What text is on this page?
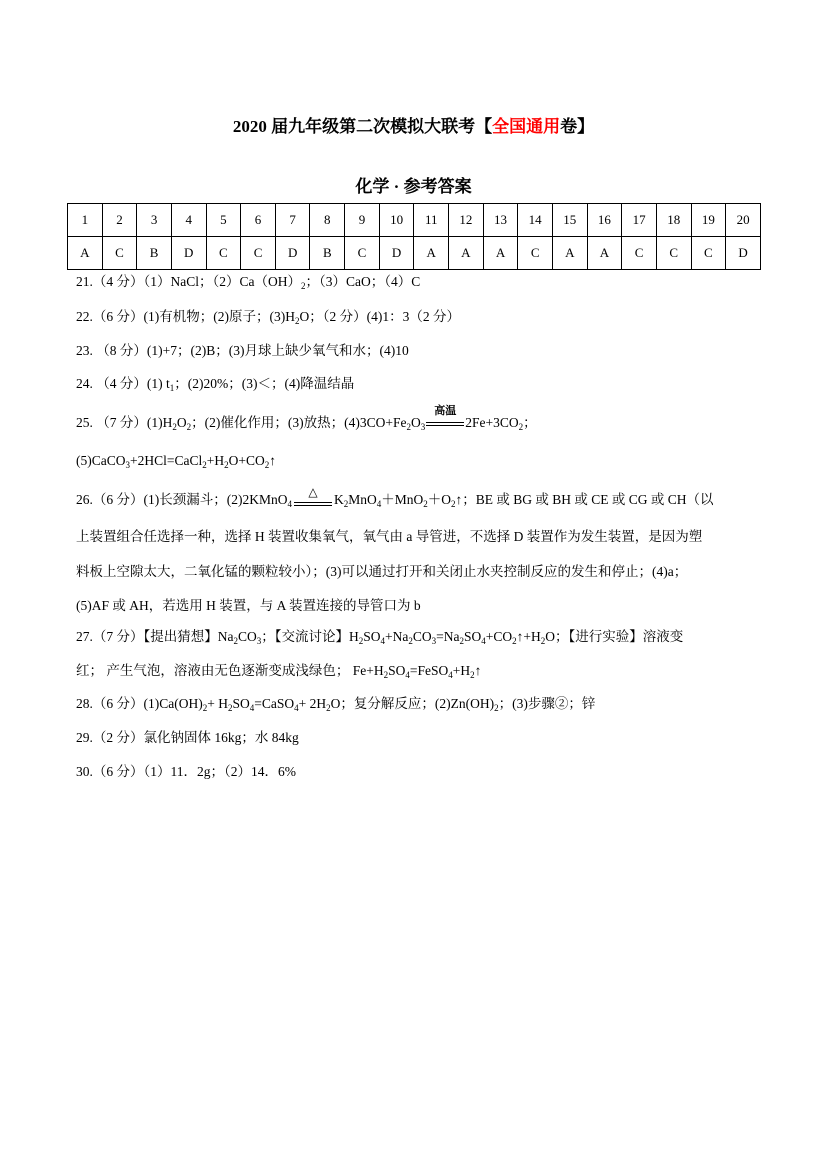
2020 届九年级第二次模拟大联考【全国通用卷】
化学 · 参考答案
1	2	3	4	5	6	7	8	9	10	11	12	13	14	15	16	17	18	19	20
A	C	B	D	C	C	D	B	C	D	A	A	A	C	A	A	C	C	C	D
21.（4 分）（1）NaCl；$(2)Ca(OH)_2$；（3）CaO；（4）C
22.（6 分）(1)有机物；(2)原子；$(3)H_2O$；（2 分）(4)1：3（2 分）
23. （8 分）(1)+7；(2)B；(3)月球上缺少氧气和水；(4)10
24. （4 分）(1) $t_1$；(2)20%；(3)＜；(4)降温结晶
25. （7 分）$(1)H_2O_2$；(2)催化作用；(3)放热；$(4)3CO+Fe_2O_3$
高温
$2Fe+3CO_2$；
$(5)CaCO_3+2HCl=CaCl_2+H_2O+CO_2↑$
26.（6 分）(1)长颈漏斗；(2)2KMnO$_4$
△
$K_2MnO_4+MnO_2+O_2↑$；BE 或 BG 或 BH 或 CE 或 CG 或 CH（以
上装置组合任选择一种，选择 H 装置收集氧气，氧气由 a 导管进，不选择 D 装置作为发生装置，是因为塑
料板上空隙太大，二氧化锰的颗粒较小）；(3)可以通过打开和关闭止水夹控制反应的发生和停止；(4)a；
(5)AF 或 AH，若选用 H 装置，与 A 装置连接的导管口为 b
27.（7 分）【提出猜想】$Na_2CO_3$；【交流讨论】$H_2SO_4+Na_2CO_3=Na_2SO_4+CO_2↑+H_2O$；【进行实验】溶液变
红； 产生气泡，溶液由无色逐渐变成浅绿色； $Fe+H_2SO_4=FeSO_4+H_2↑$
28.（6 分）$(1)Ca(OH)_2+$ $H_2SO_4=CaSO_4+ 2H_2O$；复分解反应；$(2)Zn(OH)_2$；(3)步骤②；锌
29.（2 分）氯化钠固体 16kg；水 84kg
30.（6 分）（1）11．2g；（2）14．6%
